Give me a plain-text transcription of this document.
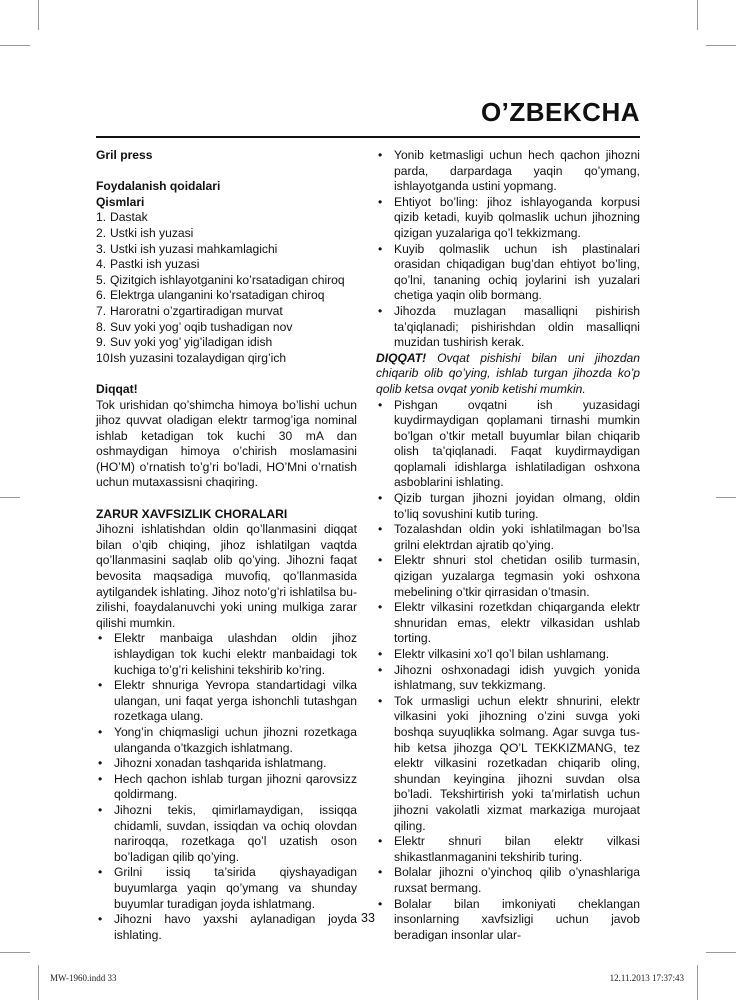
O’ZBEKCHA

Gril press

Foydalanish qoidalari

Qismlari

1. Dastak
2. Ustki ish yuzasi
3. Ustki ish yuzasi mahkamlagichi
4. Pastki ish yuzasi
5. Qizitgich ishlayotganini ko’rsatadigan chiroq
6. Elektrga ulanganini ko’rsatadigan chiroq
7. Haroratni o’zgartiradigan murvat
8. Suv yoki yog’ oqib tushadigan nov
9. Suv yoki yog’ yig’iladigan idish
10.
Ish yuzasini tozalaydigan qirg’ich

Diqqat!

Tok urishidan qo’shimcha himoya bo’lishi uchun jihoz quvvat oladigan elektr tarmog’iga nominal ishlab ketadigan tok kuchi 30 mA dan oshmaydigan himoya o’chirish moslamasini (HO’M) o’rnatish to’g’ri bo’ladi, HO’Mni o’rnatish uchun mutaxassisni chaqiring.

ZARUR XAVFSIZLIK CHORALARI

Jihozni ishlatishdan oldin qo’llanmasini diqqat bilan o’qib chiqing, jihoz ishlatilgan vaqtda qo’llanmasini saqlab olib qo’ying. Jihozni faqat bevosita maqsadiga muvofiq, qo’llanmasida aytilgandek ishlating. Jihoz noto’g’ri ishlatilsa bu-zilishi, foaydalanuvchi yoki uning mulkiga zarar qilishi mumkin.

• Elektr manbaiga ulashdan oldin jihoz ishlaydigan tok kuchi elektr manbaidagi tok kuchiga to’g’ri kelishini tekshirib ko’ring.
• Elektr shnuriga Yevropa standartidagi vilka ulangan, uni faqat yerga ishonchli tutashgan rozetkaga ulang.
• Yong’in chiqmasligi uchun jihozni rozetkaga ulanganda o’tkazgich ishlatmang.
• Jihozni xonadan tashqarida ishlatmang.
• Hech qachon ishlab turgan jihozni qarovsizz qoldirmang.
• Jihozni tekis, qimirlamaydigan, issiqqa chidamli, suvdan, issiqdan va ochiq olovdan nariroqqa, rozetkaga qo’l uzatish oson bo’ladigan qilib qo’ying.
• Grilni issiq ta’sirida qiyshayadigan buyumlarga yaqin qo’ymang va shunday buyumlar turadigan joyda ishlatmang.
• Jihozni havo yaxshi aylanadigan joyda ishlating.
• Yonib ketmasligi uchun hech qachon jihozni parda, darpardaga yaqin qo’ymang, ishlayotganda ustini yopmang.
• Ehtiyot bo’ling: jihoz ishlayoganda korpusi qizib ketadi, kuyib qolmaslik uchun jihozning qizigan yuzalariga qo’l tekkizmang.
• Kuyib qolmaslik uchun ish plastinalari orasidan chiqadigan bug’dan ehtiyot bo’ling, qo’lni, tananing ochiq joylarini ish yuzalari chetiga yaqin olib bormang.
• Jihozda muzlagan masalliqni pishirish ta’qiqlanadi; pishirishdan oldin masalliqni muzidan tushirish kerak.

DIQQAT! Ovqat pishishi bilan uni jihozdan chiqarib olib qo’ying, ishlab turgan jihozda ko’p qolib ketsa ovqat yonib ketishi mumkin.

• Pishgan ovqatni ish yuzasidagi kuydirmaydigan qoplamani tirnashi mumkin bo’lgan o’tkir metall buyumlar bilan chiqarib olish ta’qiqlanadi. Faqat kuydirmaydigan qoplamali idishlarga ishlatiladigan oshxona asboblarini ishlating.
• Qizib turgan jihozni joyidan olmang, oldin to’liq sovushini kutib turing.
• Tozalashdan oldin yoki ishlatilmagan bo’lsa grilni elektrdan ajratib qo’ying.
• Elektr shnuri stol chetidan osilib turmasin, qizigan yuzalarga tegmasin yoki oshxona mebelining o’tkir qirrasidan o’tmasin.
• Elektr vilkasini rozetkdan chiqarganda elektr shnuridan emas, elektr vilkasidan ushlab torting.
• Elektr vilkasini xo’l qo’l bilan ushlamang.
• Jihozni oshxonadagi idish yuvgich yonida ishlatmang, suv tekkizmang.
• Tok urmasligi uchun elektr shnurini, elektr vilkasini yoki jihozning o’zini suvga yoki boshqa suyuqlikka solmang. Agar suvga tus-hib ketsa jihozga QO’L TEKKIZMANG, tez elektr vilkasini rozetkadan chiqarib oling, shundan keyingina jihozni suvdan olsa bo’ladi. Tekshirtirish yoki ta’mirlatish uchun jihozni vakolatli xizmat markaziga murojaat qiling.
• Elektr shnuri bilan elektr vilkasi shikastlanmaganini tekshirib turing.
• Bolalar jihozni o’yinchoq qilib o’ynashlariga ruxsat bermang.
• Bolalar bilan imkoniyati cheklangan insonlarning xavfsizligi uchun javob beradigan insonlar ular-
33
MW-1960.indd 33	12.11.2013 17:37:43
